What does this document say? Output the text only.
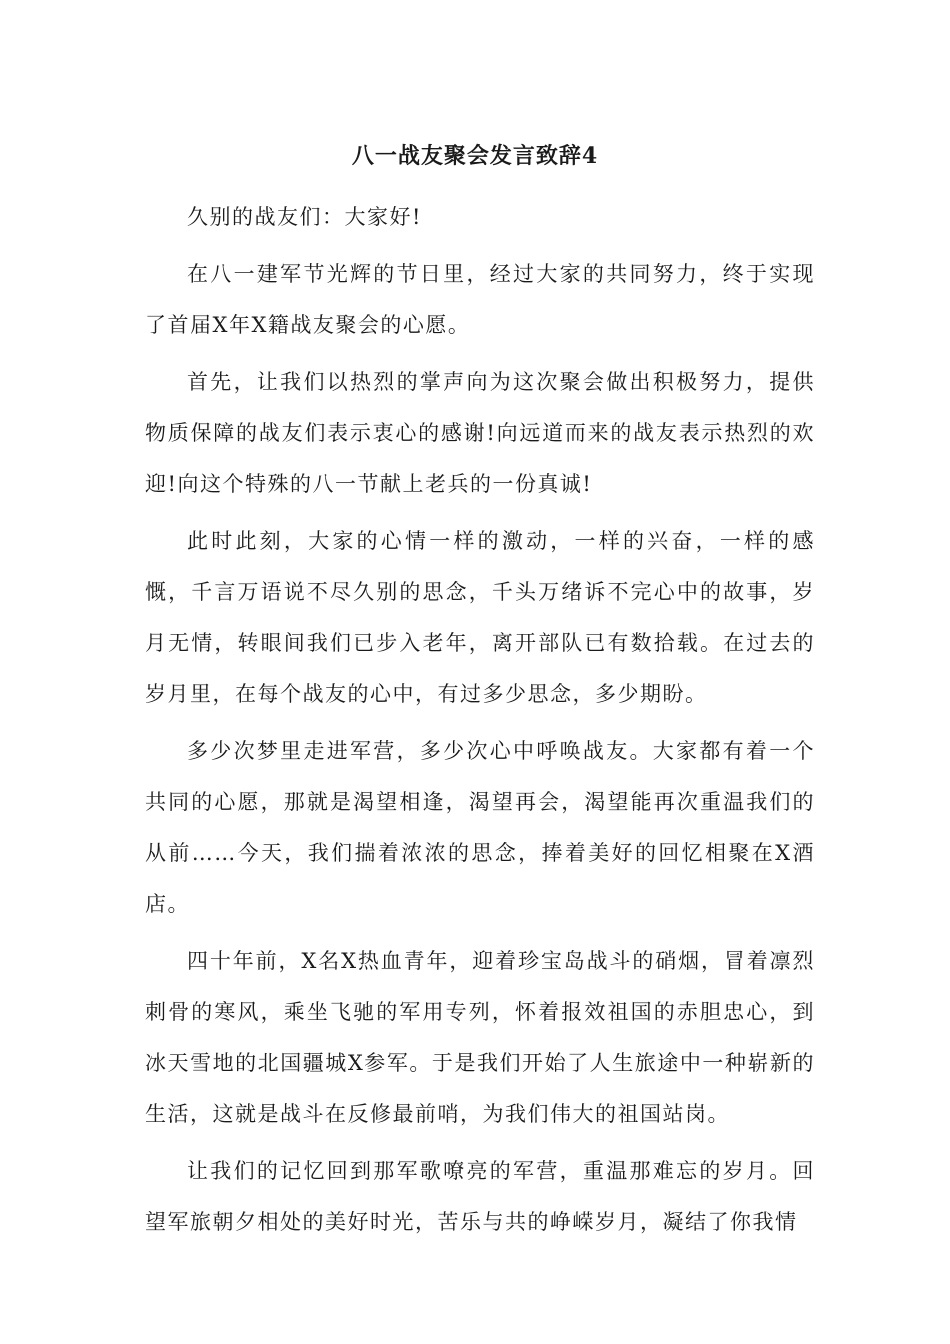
八一战友聚会发言致辞4

久别的战友们：大家好!

在八一建军节光辉的节日里，经过大家的共同努力，终于实现了首届X年X籍战友聚会的心愿。

首先，让我们以热烈的掌声向为这次聚会做出积极努力，提供物质保障的战友们表示衷心的感谢!向远道而来的战友表示热烈的欢迎!向这个特殊的八一节献上老兵的一份真诚!

此时此刻，大家的心情一样的激动，一样的兴奋，一样的感慨，千言万语说不尽久别的思念，千头万绪诉不完心中的故事，岁月无情，转眼间我们已步入老年，离开部队已有数拾载。在过去的岁月里，在每个战友的心中，有过多少思念，多少期盼。

多少次梦里走进军营，多少次心中呼唤战友。大家都有着一个共同的心愿，那就是渴望相逢，渴望再会，渴望能再次重温我们的从前……今天，我们揣着浓浓的思念，捧着美好的回忆相聚在X酒店。

四十年前，X名X热血青年，迎着珍宝岛战斗的硝烟，冒着凛烈刺骨的寒风，乘坐飞驰的军用专列，怀着报效祖国的赤胆忠心，到冰天雪地的北国疆城X参军。于是我们开始了人生旅途中一种崭新的生活，这就是战斗在反修最前哨，为我们伟大的祖国站岗。

让我们的记忆回到那军歌嘹亮的军营，重温那难忘的岁月。回望军旅朝夕相处的美好时光，苦乐与共的峥嵘岁月，凝结了你我情
